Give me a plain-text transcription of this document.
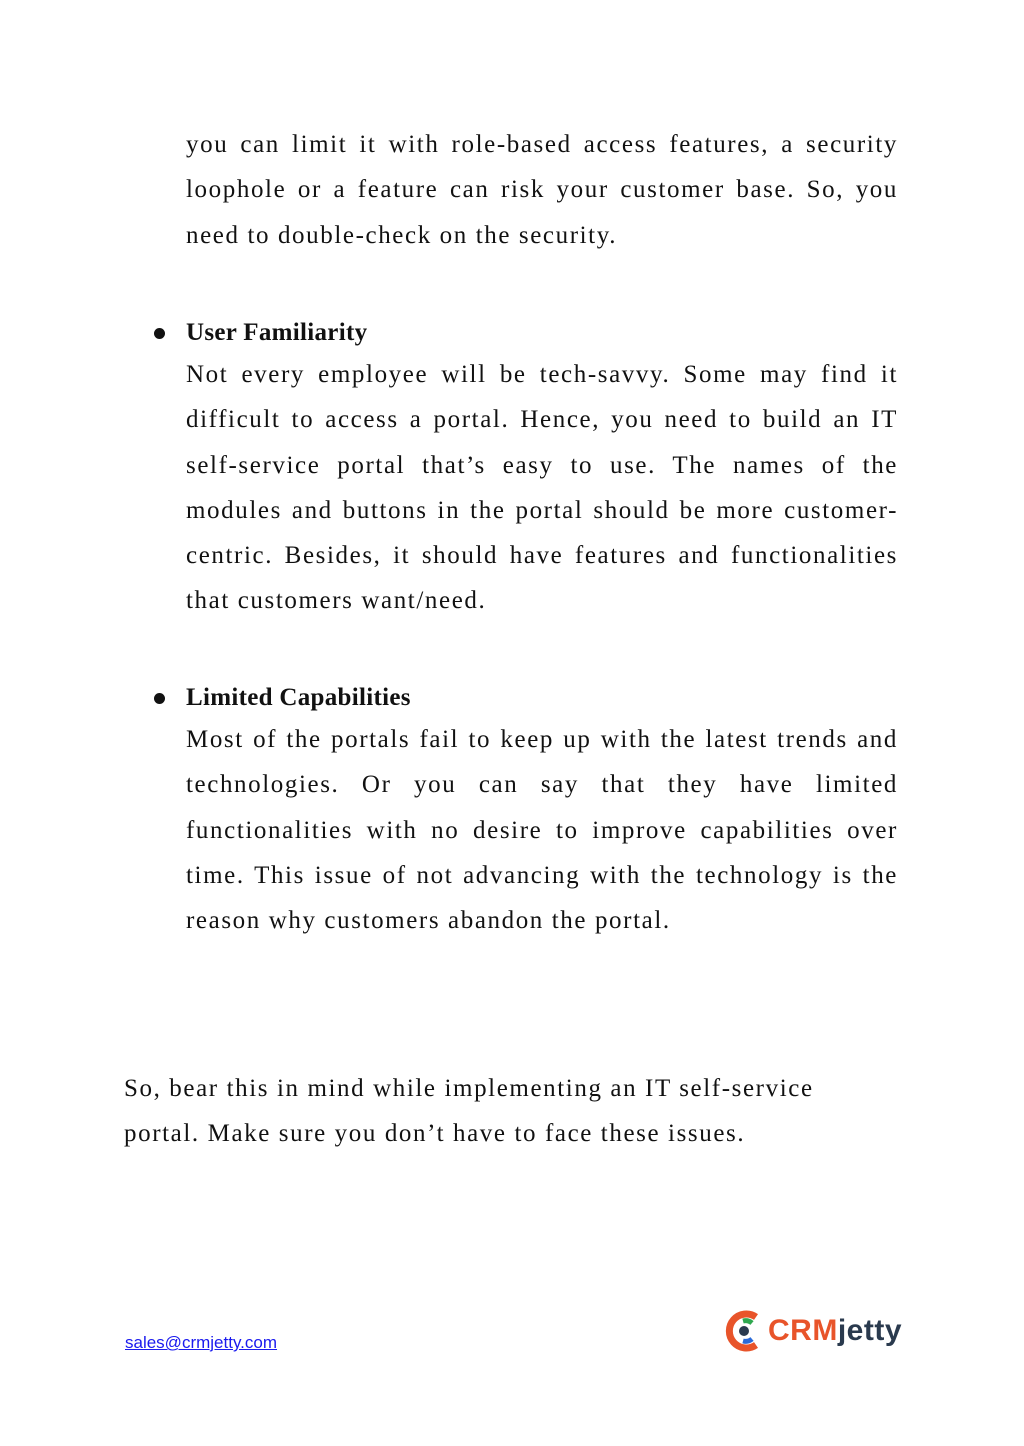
you can limit it with role-based access features, a security loophole or a feature can risk your customer base. So, you need to double-check on the security.

User Familiarity

Not every employee will be tech-savvy. Some may find it difficult to access a portal. Hence, you need to build an IT self-service portal that’s easy to use. The names of the modules and buttons in the portal should be more customer-centric. Besides, it should have features and functionalities that customers want/need.

Limited Capabilities

Most of the portals fail to keep up with the latest trends and technologies. Or you can say that they have limited functionalities with no desire to improve capabilities over time. This issue of not advancing with the technology is the reason why customers abandon the portal.

So, bear this in mind while implementing an IT self-service portal. Make sure you don’t have to face these issues.

sales@crmjetty.com	CRMjetty
